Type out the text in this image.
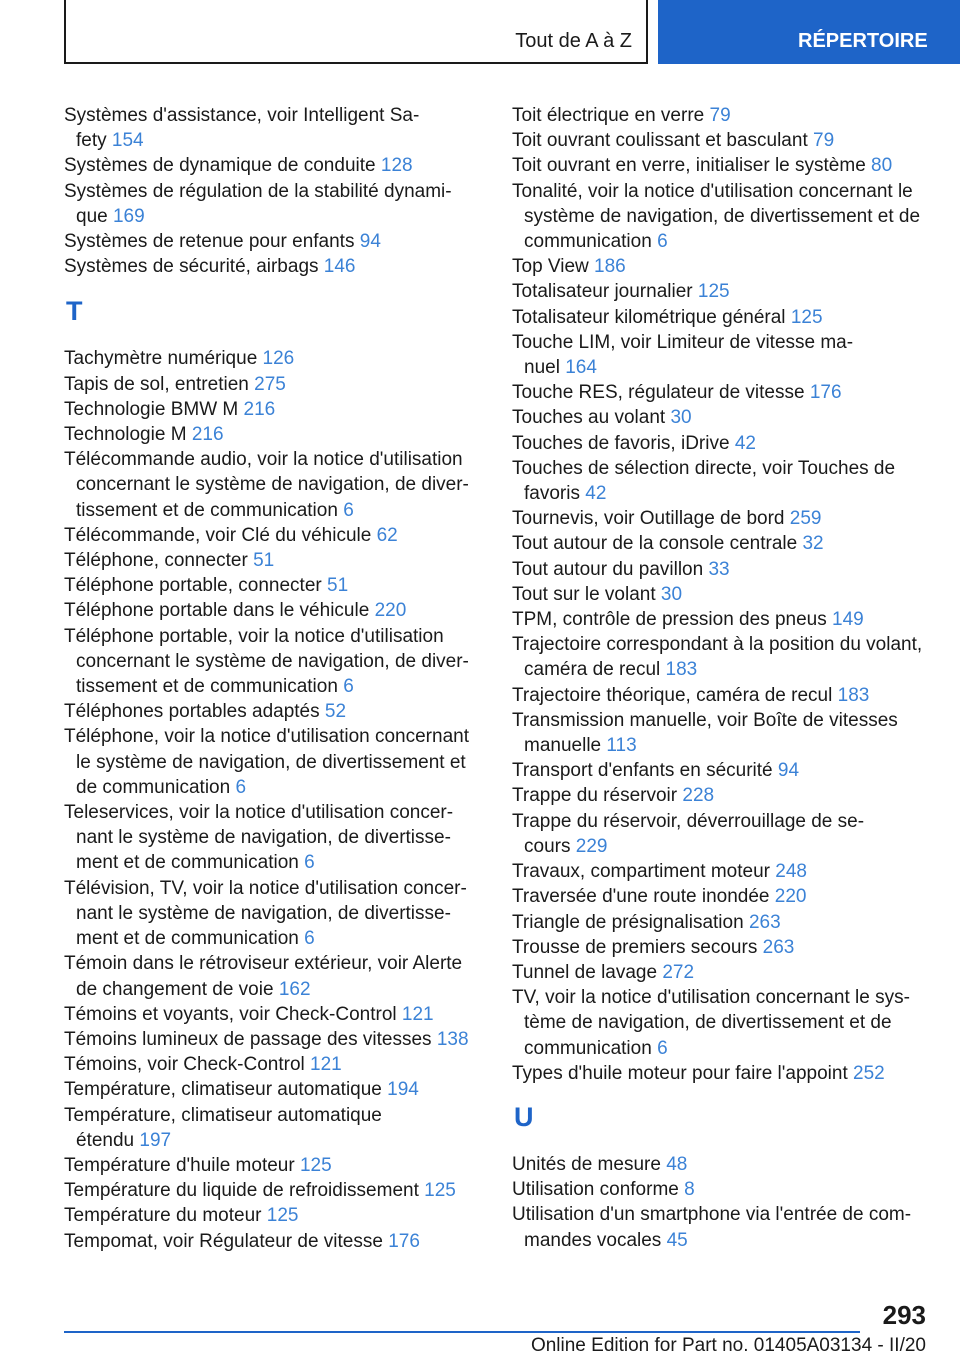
Tout de A à Z	RÉPERTOIRE
Systèmes d'assistance, voir Intelligent Sa-
fety 154
Systèmes de dynamique de conduite 128
Systèmes de régulation de la stabilité dynami-
que 169
Systèmes de retenue pour enfants 94
Systèmes de sécurité, airbags 146
T
Tachymètre numérique 126
Tapis de sol, entretien 275
Technologie BMW M 216
Technologie M 216
Télécommande audio, voir la notice d'utilisation
concernant le système de navigation, de diver-
tissement et de communication 6
Télécommande, voir Clé du véhicule 62
Téléphone, connecter 51
Téléphone portable, connecter 51
Téléphone portable dans le véhicule 220
Téléphone portable, voir la notice d'utilisation
concernant le système de navigation, de diver-
tissement et de communication 6
Téléphones portables adaptés 52
Téléphone, voir la notice d'utilisation concernant
le système de navigation, de divertissement et
de communication 6
Teleservices, voir la notice d'utilisation concer-
nant le système de navigation, de divertisse-
ment et de communication 6
Télévision, TV, voir la notice d'utilisation concer-
nant le système de navigation, de divertisse-
ment et de communication 6
Témoin dans le rétroviseur extérieur, voir Alerte
de changement de voie 162
Témoins et voyants, voir Check-Control 121
Témoins lumineux de passage des vitesses 138
Témoins, voir Check-Control 121
Température, climatiseur automatique 194
Température, climatiseur automatique
étendu 197
Température d'huile moteur 125
Température du liquide de refroidissement 125
Température du moteur 125
Tempomat, voir Régulateur de vitesse 176
Toit électrique en verre 79
Toit ouvrant coulissant et basculant 79
Toit ouvrant en verre, initialiser le système 80
Tonalité, voir la notice d'utilisation concernant le
système de navigation, de divertissement et de
communication 6
Top View 186
Totalisateur journalier 125
Totalisateur kilométrique général 125
Touche LIM, voir Limiteur de vitesse ma-
nuel 164
Touche RES, régulateur de vitesse 176
Touches au volant 30
Touches de favoris, iDrive 42
Touches de sélection directe, voir Touches de
favoris 42
Tournevis, voir Outillage de bord 259
Tout autour de la console centrale 32
Tout autour du pavillon 33
Tout sur le volant 30
TPM, contrôle de pression des pneus 149
Trajectoire correspondant à la position du volant,
caméra de recul 183
Trajectoire théorique, caméra de recul 183
Transmission manuelle, voir Boîte de vitesses
manuelle 113
Transport d'enfants en sécurité 94
Trappe du réservoir 228
Trappe du réservoir, déverrouillage de se-
cours 229
Travaux, compartiment moteur 248
Traversée d'une route inondée 220
Triangle de présignalisation 263
Trousse de premiers secours 263
Tunnel de lavage 272
TV, voir la notice d'utilisation concernant le sys-
tème de navigation, de divertissement et de
communication 6
Types d'huile moteur pour faire l'appoint 252
U
Unités de mesure 48
Utilisation conforme 8
Utilisation d'un smartphone via l'entrée de com-
mandes vocales 45
293
Online Edition for Part no. 01405A03134 - II/20
